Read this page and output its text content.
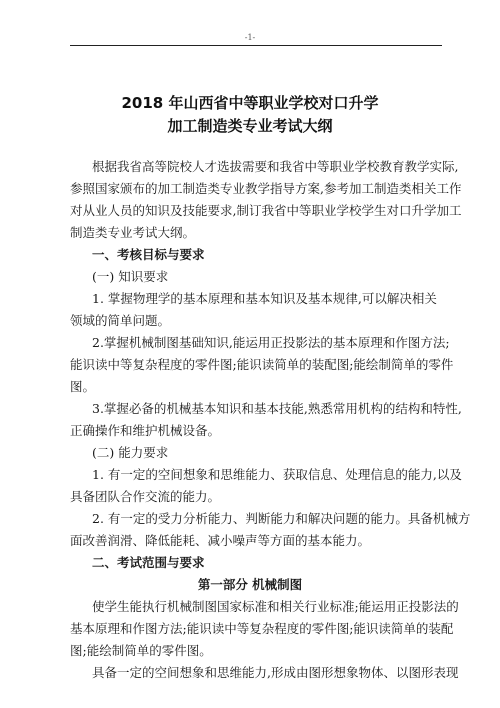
-1-
2018 年山西省中等职业学校对口升学
加工制造类专业考试大纲
根据我省高等院校人才选拔需要和我省中等职业学校教育教学实际,
参照国家颁布的加工制造类专业教学指导方案,参考加工制造类相关工作
对从业人员的知识及技能要求,制订我省中等职业学校学生对口升学加工
制造类专业考试大纲。
一、考核目标与要求
(一) 知识要求
1. 掌握物理学的基本原理和基本知识及基本规律,可以解决相关
领域的简单问题。
2.掌握机械制图基础知识,能运用正投影法的基本原理和作图方法;
能识读中等复杂程度的零件图;能识读简单的装配图;能绘制简单的零件
图。
3.掌握必备的机械基本知识和基本技能,熟悉常用机构的结构和特性,
正确操作和维护机械设备。
(二) 能力要求
1. 有一定的空间想象和思维能力、获取信息、处理信息的能力,以及
具备团队合作交流的能力。
2. 有一定的受力分析能力、判断能力和解决问题的能力。具备机械方
面改善润滑、降低能耗、减小噪声等方面的基本能力。
二、考试范围与要求
第一部分 机械制图
使学生能执行机械制图国家标准和相关行业标准;能运用正投影法的
基本原理和作图方法;能识读中等复杂程度的零件图;能识读简单的装配
图;能绘制简单的零件图。
具备一定的空间想象和思维能力,形成由图形想象物体、以图形表现
